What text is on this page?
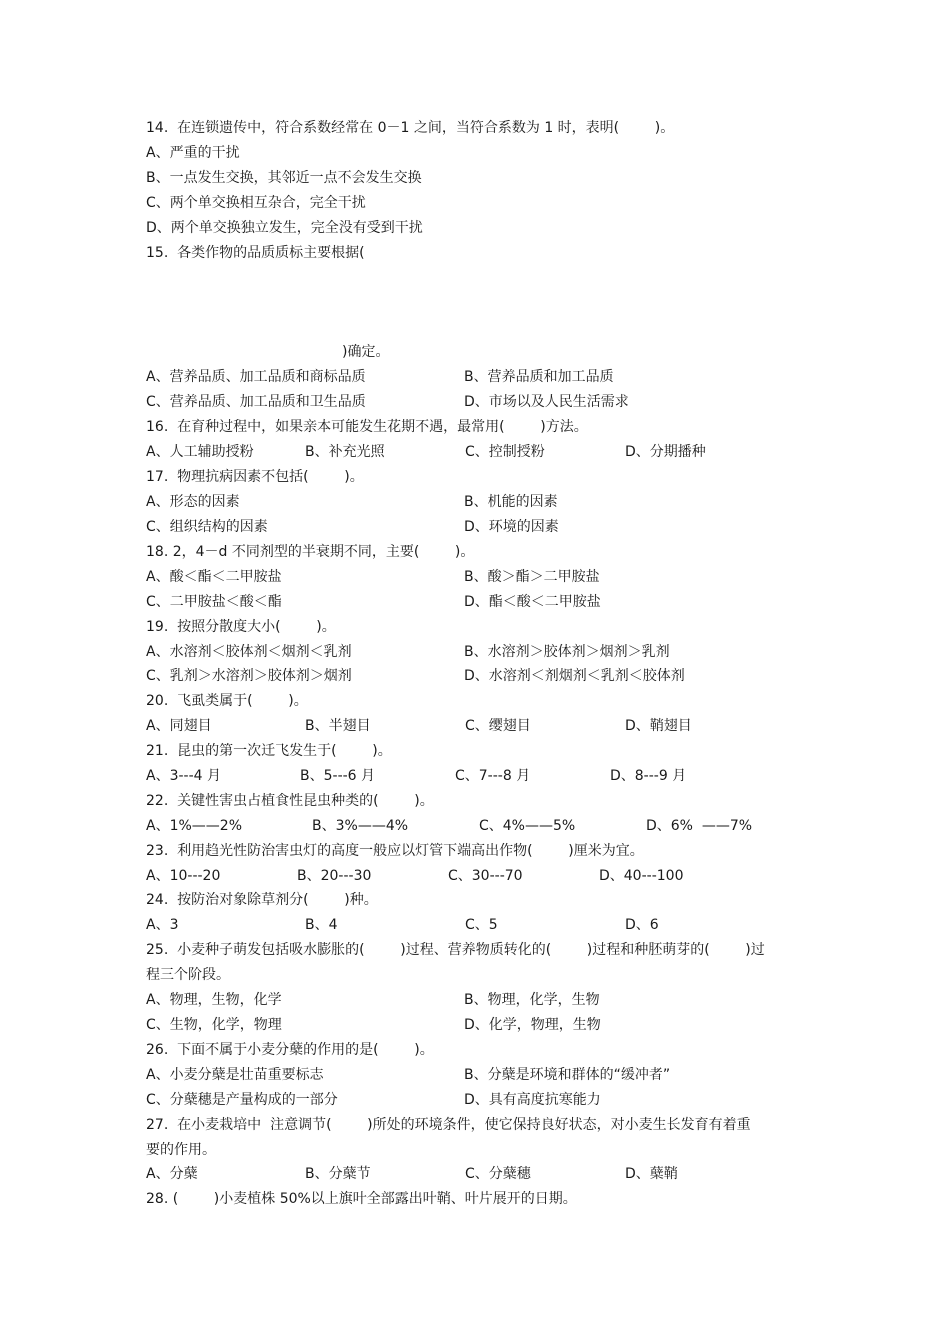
14.  在连锁遗传中，符合系数经常在 0－1 之间，当符合系数为 1 时，表明(        )。
A、严重的干扰
B、一点发生交换，其邻近一点不会发生交换
C、两个单交换相互杂合，完全干扰
D、两个单交换独立发生，完全没有受到干扰
15.  各类作物的品质质标主要根据(
)确定。
A、营养品质、加工品质和商标品质	B、营养品质和加工品质
C、营养品质、加工品质和卫生品质	D、市场以及人民生活需求
16.  在育种过程中，如果亲本可能发生花期不遇，最常用(        )方法。
A、人工辅助授粉	B、补充光照	C、控制授粉	D、分期播种
17.  物理抗病因素不包括(        )。
A、形态的因素	B、机能的因素
C、组织结构的因素	D、环境的因素
18. 2，4－d 不同剂型的半衰期不同，主要(        )。
A、酸＜酯＜二甲胺盐	B、酸＞酯＞二甲胺盐
C、二甲胺盐＜酸＜酯	D、酯＜酸＜二甲胺盐
19.  按照分散度大小(        )。
A、水溶剂＜胶体剂＜烟剂＜乳剂	B、水溶剂＞胶体剂＞烟剂＞乳剂
C、乳剂＞水溶剂＞胶体剂＞烟剂	D、水溶剂＜剂烟剂＜乳剂＜胶体剂
20.  飞虱类属于(        )。
A、同翅目	B、半翅目	C、缨翅目	D、鞘翅目
21.  昆虫的第一次迁飞发生于(        )。
A、3---4 月	B、5---6 月	C、7---8 月	D、8---9 月
22.  关键性害虫占植食性昆虫种类的(        )。
A、1%——2%	B、3%——4%	C、4%——5%	D、6%  ——7%
23.  利用趋光性防治害虫灯的高度一般应以灯管下端高出作物(        )厘米为宜。
A、10---20	B、20---30	C、30---70	D、40---100
24.  按防治对象除草剂分(        )种。
A、3	B、4	C、5	D、6
25.  小麦种子萌发包括吸水膨胀的(        )过程、营养物质转化的(        )过程和种胚萌芽的(        )过
程三个阶段。
A、物理，生物，化学	B、物理，化学，生物
C、生物，化学，物理	D、化学，物理，生物
26.  下面不属于小麦分蘖的作用的是(        )。
A、小麦分蘖是壮苗重要标志	B、分蘖是环境和群体的“缓冲者”
C、分蘖穗是产量构成的一部分	D、具有高度抗寒能力
27.  在小麦栽培中  注意调节(        )所处的环境条件，使它保持良好状态，对小麦生长发育有着重
要的作用。
A、分蘖	B、分蘖节	C、分蘖穗	D、蘖鞘
28. (        )小麦植株 50%以上旗叶全部露出叶鞘、叶片展开的日期。
